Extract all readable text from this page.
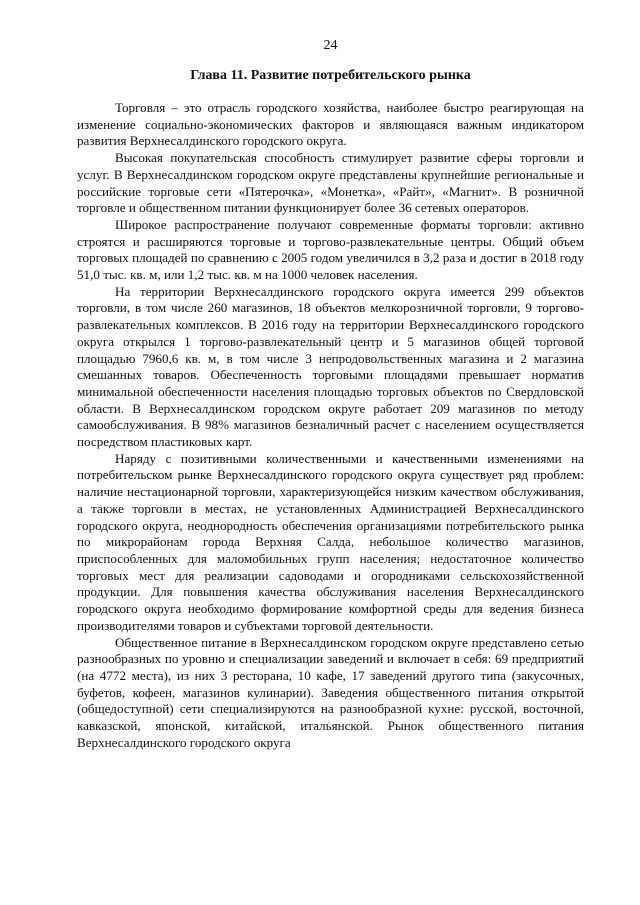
24
Глава 11. Развитие потребительского рынка

Торговля – это отрасль городского хозяйства, наиболее быстро реагирующая на изменение социально-экономических факторов и являющаяся важным индикатором развития Верхнесалдинского городского округа.

Высокая покупательская способность стимулирует развитие сферы торговли и услуг. В Верхнесалдинском городском округе представлены крупнейшие региональные и российские торговые сети «Пятерочка», «Монетка», «Райт», «Магнит». В розничной торговле и общественном питании функционирует более 36 сетевых операторов.

Широкое распространение получают современные форматы торговли: активно строятся и расширяются торговые и торгово-развлекательные центры. Общий объем торговых площадей по сравнению с 2005 годом увеличился в 3,2 раза и достиг в 2018 году 51,0 тыс. кв. м, или 1,2 тыс. кв. м на 1000 человек населения.

На территории Верхнесалдинского городского округа имеется 299 объектов торговли, в том числе 260 магазинов, 18 объектов мелкорозничной торговли, 9 торгово-развлекательных комплексов. В 2016 году на территории Верхнесалдинского городского округа открылся 1 торгово-развлекательный центр и 5 магазинов общей торговой площадью 7960,6 кв. м, в том числе 3 непродовольственных магазина и 2 магазина смешанных товаров. Обеспеченность торговыми площадями превышает норматив минимальной обеспеченности населения площадью торговых объектов по Свердловской области. В Верхнесалдинском городском округе работает 209 магазинов по методу самообслуживания. В 98% магазинов безналичный расчет с населением осуществляется посредством пластиковых карт.

Наряду с позитивными количественными и качественными изменениями на потребительском рынке Верхнесалдинского городского округа существует ряд проблем: наличие нестационарной торговли, характеризующейся низким качеством обслуживания, а также торговли в местах, не установленных Администрацией Верхнесалдинского городского округа, неоднородность обеспечения организациями потребительского рынка по микрорайонам города Верхняя Салда, небольшое количество магазинов, приспособленных для маломобильных групп населения; недостаточное количество торговых мест для реализации садоводами и огородниками сельскохозяйственной продукции. Для повышения качества обслуживания населения Верхнесалдинского городского округа необходимо формирование комфортной среды для ведения бизнеса производителями товаров и субъектами торговой деятельности.

Общественное питание в Верхнесалдинском городском округе представлено сетью разнообразных по уровню и специализации заведений и включает в себя: 69 предприятий (на 4772 места), из них 3 ресторана, 10 кафе, 17 заведений другого типа (закусочных, буфетов, кофеен, магазинов кулинарии). Заведения общественного питания открытой (общедоступной) сети специализируются на разнообразной кухне: русской, восточной, кавказской, японской, китайской, итальянской. Рынок общественного питания Верхнесалдинского городского округа
